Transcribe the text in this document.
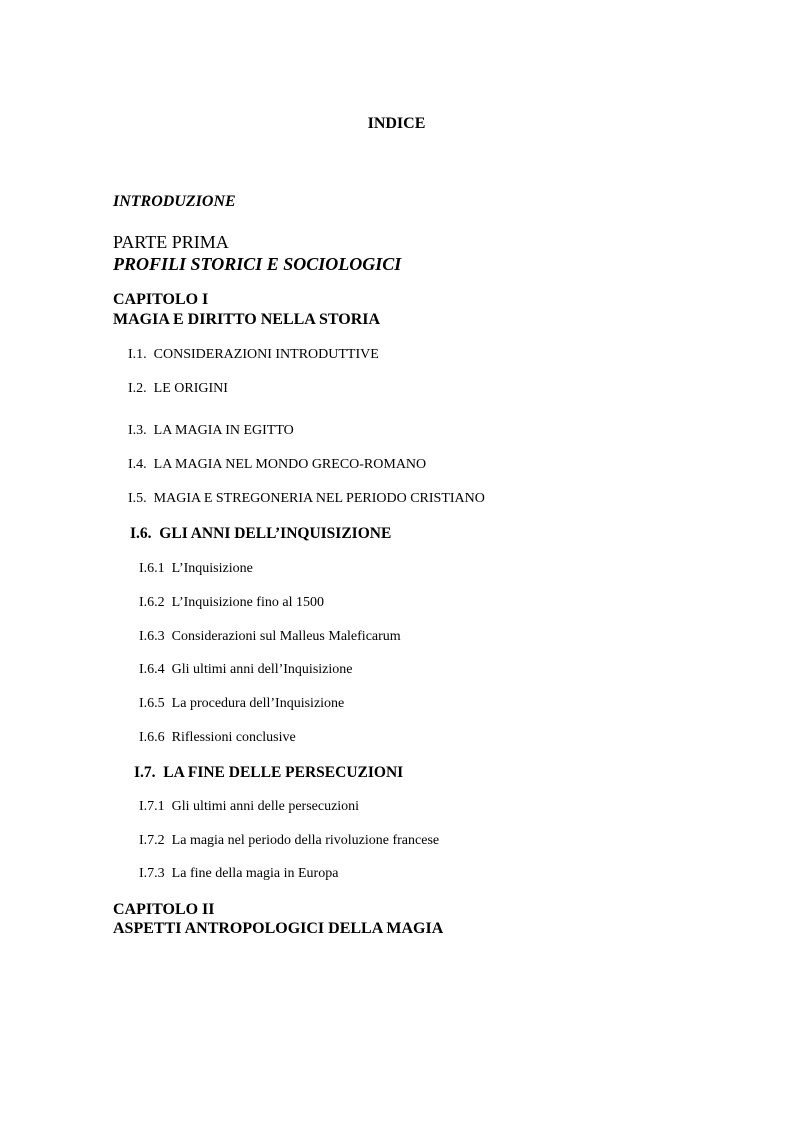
INDICE
INTRODUZIONE
PARTE PRIMA
PROFILI STORICI E SOCIOLOGICI
CAPITOLO I
MAGIA E DIRITTO NELLA STORIA
I.1. CONSIDERAZIONI INTRODUTTIVE
I.2. LE ORIGINI
I.3. LA MAGIA IN EGITTO
I.4. LA MAGIA NEL MONDO GRECO-ROMANO
I.5. MAGIA E STREGONERIA NEL PERIODO CRISTIANO
I.6. GLI ANNI DELL’INQUISIZIONE
I.6.1 L’Inquisizione
I.6.2 L’Inquisizione fino al 1500
I.6.3 Considerazioni sul Malleus Maleficarum
I.6.4 Gli ultimi anni dell’Inquisizione
I.6.5 La procedura dell’Inquisizione
I.6.6 Riflessioni conclusive
I.7. LA FINE DELLE PERSECUZIONI
I.7.1 Gli ultimi anni delle persecuzioni
I.7.2 La magia nel periodo della rivoluzione francese
I.7.3 La fine della magia in Europa
CAPITOLO II
ASPETTI ANTROPOLOGICI DELLA MAGIA
